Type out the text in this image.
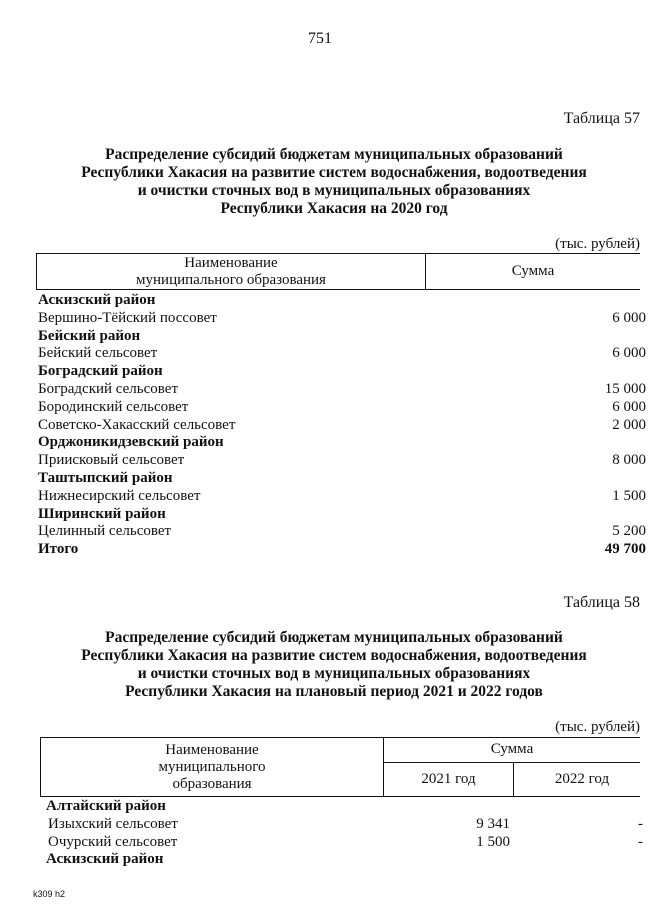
751
Таблица 57
Распределение субсидий бюджетам муниципальных образований
Республики Хакасия на развитие систем водоснабжения, водоотведения
и очистки сточных вод в муниципальных образованиях
Республики Хакасия на 2020 год
(тыс. рублей)
Наименование
муниципального образования
Сумма
Аскизский район
Вершино-Тёйский поссовет	6 000
Бейский район
Бейский сельсовет	6 000
Боградский район
Боградский сельсовет	15 000
Бородинский сельсовет	6 000
Советско-Хакасский сельсовет	2 000
Орджоникидзевский район
Приисковый сельсовет	8 000
Таштыпский район
Нижнесирский сельсовет	1 500
Ширинский район
Целинный сельсовет	5 200
Итого	49 700
Таблица 58
Распределение субсидий бюджетам муниципальных образований
Республики Хакасия на развитие систем водоснабжения, водоотведения
и очистки сточных вод в муниципальных образованиях
Республики Хакасия на плановый период 2021 и 2022 годов
(тыс. рублей)
Наименование
муниципального
образования
Сумма
2021 год	2022 год
Алтайский район
Изыхский сельсовет	9 341	-
Очурский сельсовет	1 500	-
Аскизский район
k309 h2
